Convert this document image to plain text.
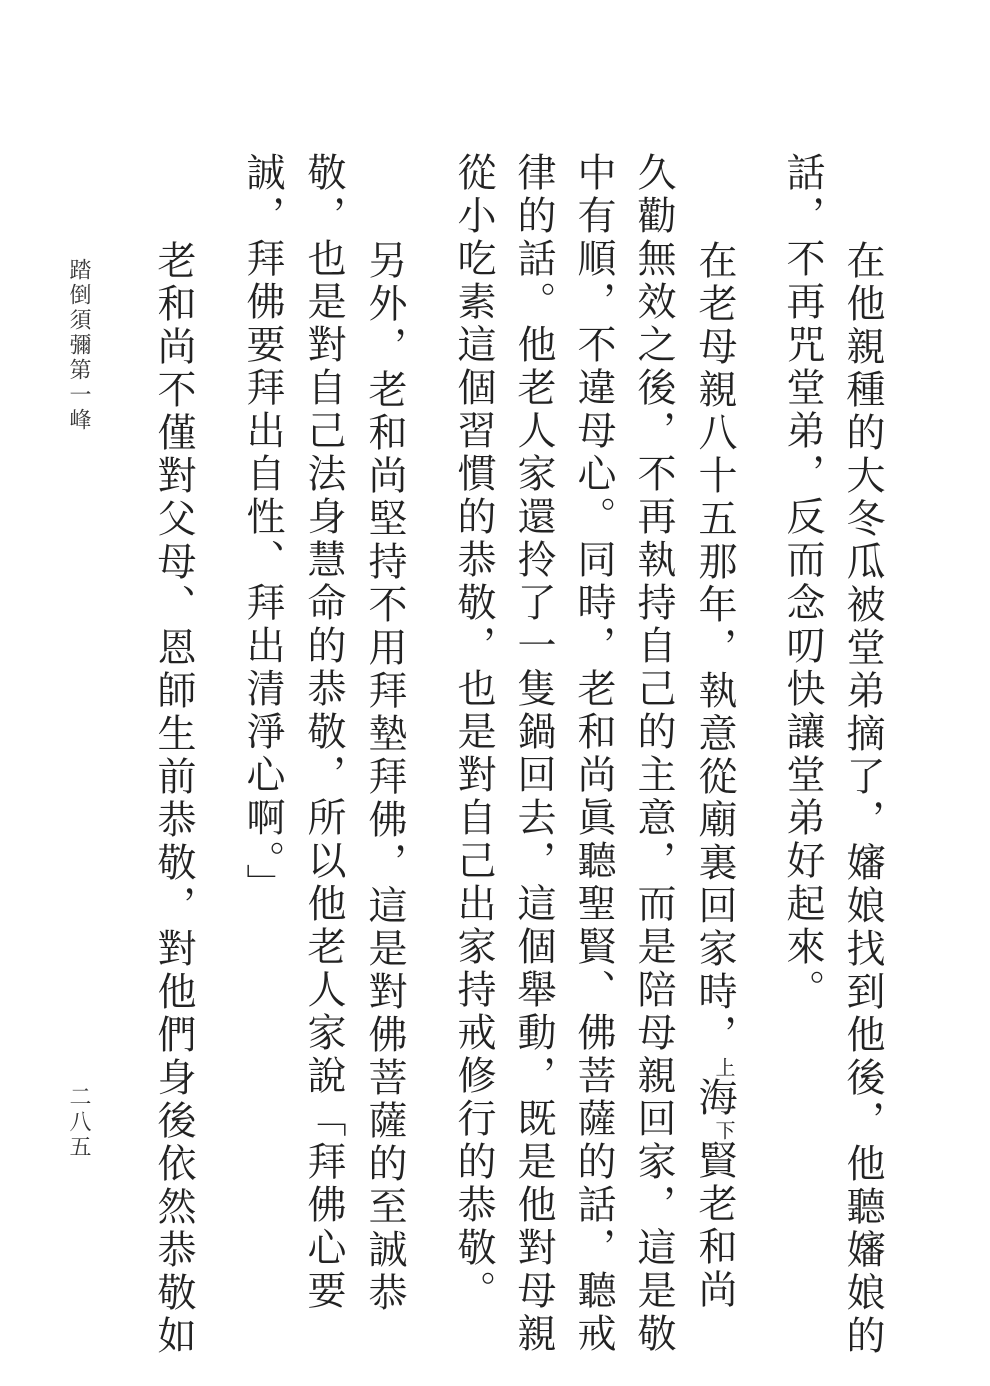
在他親種的大冬瓜被堂弟摘了，嬸娘找到他後，他聽嬸娘的

話，不再咒堂弟，反而念叨快讓堂弟好起來。

在老母親八十五那年，執意從廟裏回家時，上海下賢老和尚

久勸無效之後，不再執持自己的主意，而是陪母親回家，這是敬

中有順，不違母心。同時，老和尚眞聽聖賢、佛菩薩的話，聽戒

律的話。他老人家還拎了一隻鍋回去，這個舉動，既是他對母親

從小吃素這個習慣的恭敬，也是對自己出家持戒修行的恭敬。

另外，老和尚堅持不用拜墊拜佛，這是對佛菩薩的至誠恭

敬，也是對自己法身慧命的恭敬，所以他老人家說「拜佛心要

誠，拜佛要拜出自性、拜出清淨心啊。」

老和尚不僅對父母、恩師生前恭敬，對他們身後依然恭敬如

踏倒須彌第一峰
二八五
